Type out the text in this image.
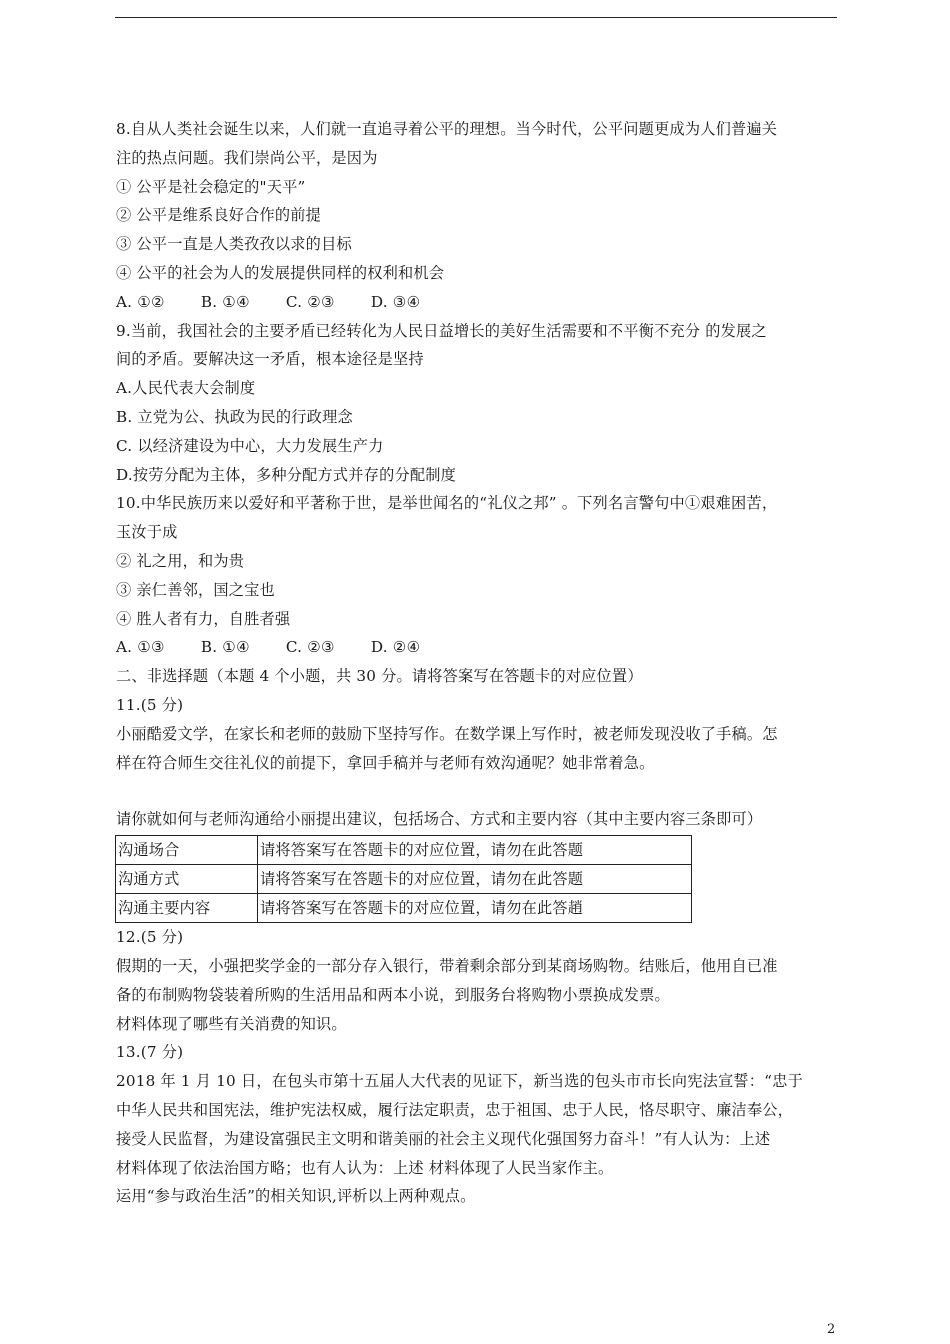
8.自从人类社会诞生以来，人们就一直追寻着公平的理想。当今时代，公平问题更成为人们普遍关
注的热点问题。我们崇尚公平，是因为
① 公平是社会稳定的"天平”
② 公平是维系良好合作的前提
③ 公平一直是人类孜孜以求的目标
④ 公平的社会为人的发展提供同样的权利和机会
A. ①② B. ①④ C. ②③ D. ③④
9.当前，我国社会的主要矛盾已经转化为人民日益增长的美好生活需要和不平衡不充分 的发展之
间的矛盾。要解决这一矛盾，根本途径是坚持
A.人民代表大会制度
B. 立党为公、执政为民的行政理念
C. 以经济建设为中心，大力发展生产力
D.按劳分配为主体，多种分配方式并存的分配制度
10.中华民族历来以爱好和平著称于世，是举世闻名的“礼仪之邦” 。下列名言警句中①艰难困苦，
玉汝于成
② 礼之用，和为贵
③ 亲仁善邻，国之宝也
④ 胜人者有力，自胜者强
A. ①③ B. ①④ C. ②③ D. ②④
二、非选择题（本题 4 个小题，共 30 分。请将答案写在答题卡的对应位置）
11.(5 分)
小丽酷爱文学，在家长和老师的鼓励下坚持写作。在数学课上写作时，被老师发现没收了手稿。怎
样在符合师生交往礼仪的前提下，拿回手稿并与老师有效沟通呢？她非常着急。
请你就如何与老师沟通给小丽提出建议，包括场合、方式和主要内容（其中主要内容三条即可）
沟通场合	请将答案写在答题卡的对应位置，请勿在此答题
沟通方式	请将答案写在答题卡的对应位置，请勿在此答题
沟通主要内容	请将答案写在答题卡的对应位置，请勿在此答趙
12.(5 分)
假期的一天，小强把奖学金的一部分存入银行，带着剩余部分到某商场购物。结账后，他用自已准
备的布制购物袋装着所购的生活用品和两本小说，到服务台将购物小票换成发票。
材料体现了哪些有关消费的知识。
13.(7 分)
2018 年 1 月 10 日，在包头市第十五届人大代表的见证下，新当选的包头市市长向宪法宣誓：“忠于
中华人民共和国宪法，维护宪法权威，履行法定职责，忠于祖国、忠于人民，恪尽职守、廉洁奉公，
接受人民监督，为建设富强民主文明和谐美丽的社会主义现代化强国努力奋斗！”有人认为：上述
材料体现了依法治国方略；也有人认为：上述 材料体现了人民当家作主。
运用“参与政治生活”的相关知识,评析以上两种观点。
2
